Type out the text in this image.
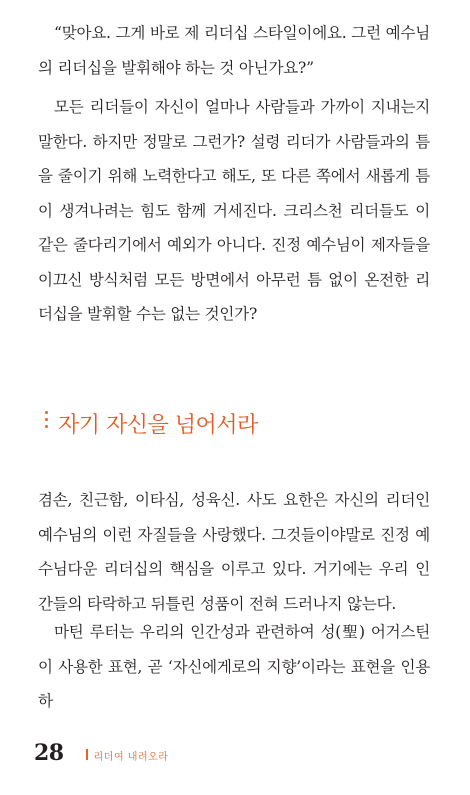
“맞아요. 그게 바로 제 리더십 스타일이에요. 그런 예수님의 리더십을 발휘해야 하는 것 아닌가요?”

모든 리더들이 자신이 얼마나 사람들과 가까이 지내는지 말한다. 하지만 정말로 그런가? 설령 리더가 사람들과의 틈을 줄이기 위해 노력한다고 해도, 또 다른 쪽에서 새롭게 틈이 생겨나려는 힘도 함께 거세진다. 크리스천 리더들도 이 같은 줄다리기에서 예외가 아니다. 진정 예수님이 제자들을 이끄신 방식처럼 모든 방면에서 아무런 틈 없이 온전한 리더십을 발휘할 수는 없는 것인가?

자기 자신을 넘어서라

겸손, 친근함, 이타심, 성육신. 사도 요한은 자신의 리더인 예수님의 이런 자질들을 사랑했다. 그것들이야말로 진정 예수님다운 리더십의 핵심을 이루고 있다. 거기에는 우리 인간들의 타락하고 뒤틀린 성품이 전혀 드러나지 않는다.

마틴 루터는 우리의 인간성과 관련하여 성(聖) 어거스틴이 사용한 표현, 곧 ‘자신에게로의 지향’이라는 표현을 인용하

28	리더여 내려오라
